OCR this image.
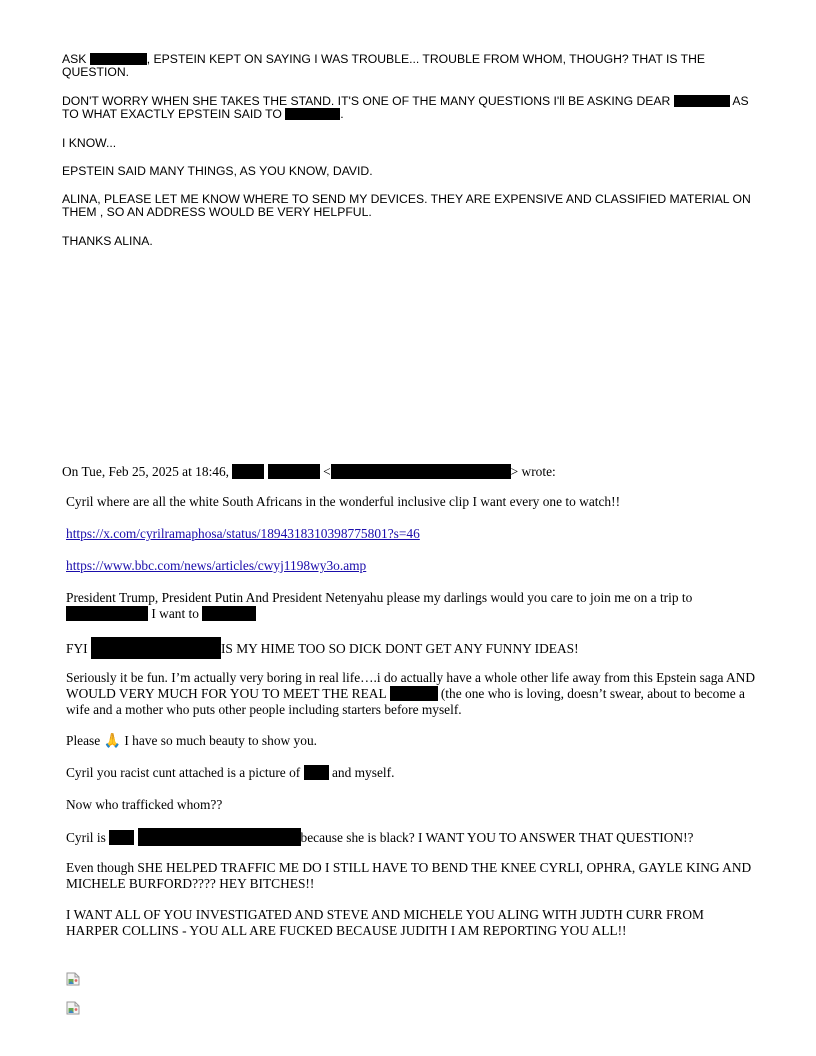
ASK	, EPSTEIN KEPT ON SAYING I WAS TROUBLE... TROUBLE FROM WHOM, THOUGH? THAT IS THE QUESTION.
DON'T WORRY WHEN SHE TAKES THE STAND. IT'S ONE OF THE MANY QUESTIONS I'll BE ASKING DEAR	AS TO WHAT EXACTLY EPSTEIN SAID TO	.
I KNOW...
EPSTEIN SAID MANY THINGS, AS YOU KNOW, DAVID.
ALINA, PLEASE LET ME KNOW WHERE TO SEND MY DEVICES. THEY ARE EXPENSIVE AND CLASSIFIED MATERIAL ON THEM , SO AN ADDRESS WOULD BE VERY HELPFUL.
THANKS ALINA.
On Tue, Feb 25, 2025 at 18:46,	<	> wrote:
Cyril where are all the white South Africans in the wonderful inclusive clip I want every one to watch!!
https://x.com/cyrilramaphosa/status/1894318310398775801?s=46
https://www.bbc.com/news/articles/cwyj1198wy3o.amp
President Trump, President Putin And President Netenyahu please my darlings would you care to join me on a trip to
I want to
FYI	IS MY HIME TOO SO DICK DONT GET ANY FUNNY IDEAS!
Seriously it be fun. I’m actually very boring in real life….i do actually have a whole other life away from this Epstein saga AND WOULD VERY MUCH FOR YOU TO MEET THE REAL	(the one who is loving, doesn’t swear, about to become a wife and a mother who puts other people including starters before myself.
Please 🙏 I have so much beauty to show you.
Cyril you racist cunt attached is a picture of  and myself.
Now who trafficked whom??
Cyril is	because she is black? I WANT YOU TO ANSWER THAT QUESTION!?
Even though SHE HELPED TRAFFIC ME DO I STILL HAVE TO BEND THE KNEE CYRLI, OPHRA, GAYLE KING AND MICHELE BURFORD???? HEY BITCHES!!
I WANT ALL OF YOU INVESTIGATED AND STEVE AND MICHELE YOU ALING WITH JUDTH CURR FROM HARPER COLLINS - YOU ALL ARE FUCKED BECAUSE JUDITH I AM REPORTING YOU ALL!!
